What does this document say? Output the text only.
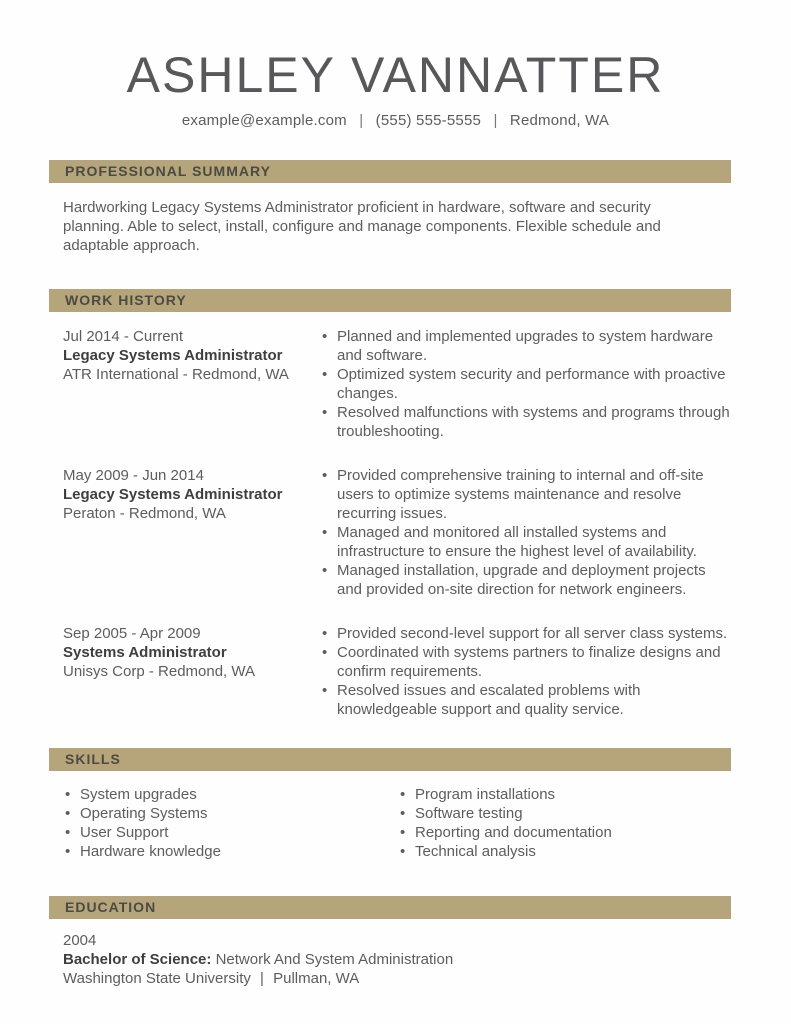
ASHLEY VANNATTER
example@example.com | (555) 555-5555 | Redmond, WA
PROFESSIONAL SUMMARY

Hardworking Legacy Systems Administrator proficient in hardware, software and security planning. Able to select, install, configure and manage components. Flexible schedule and adaptable approach.

WORK HISTORY
Jul 2014 - Current
Legacy Systems Administrator
ATR International - Redmond, WA
• Planned and implemented upgrades to system hardware and software.
• Optimized system security and performance with proactive changes.
• Resolved malfunctions with systems and programs through troubleshooting.
May 2009 - Jun 2014
Legacy Systems Administrator
Peraton - Redmond, WA
• Provided comprehensive training to internal and off-site users to optimize systems maintenance and resolve recurring issues.
• Managed and monitored all installed systems and infrastructure to ensure the highest level of availability.
• Managed installation, upgrade and deployment projects and provided on-site direction for network engineers.
Sep 2005 - Apr 2009
Systems Administrator
Unisys Corp - Redmond, WA
• Provided second-level support for all server class systems.
• Coordinated with systems partners to finalize designs and confirm requirements.
• Resolved issues and escalated problems with knowledgeable support and quality service.
SKILLS
• System upgrades
• Operating Systems
• User Support
• Hardware knowledge
• Program installations
• Software testing
• Reporting and documentation
• Technical analysis
EDUCATION
2004
Bachelor of Science: Network And System Administration
Washington State University | Pullman, WA
